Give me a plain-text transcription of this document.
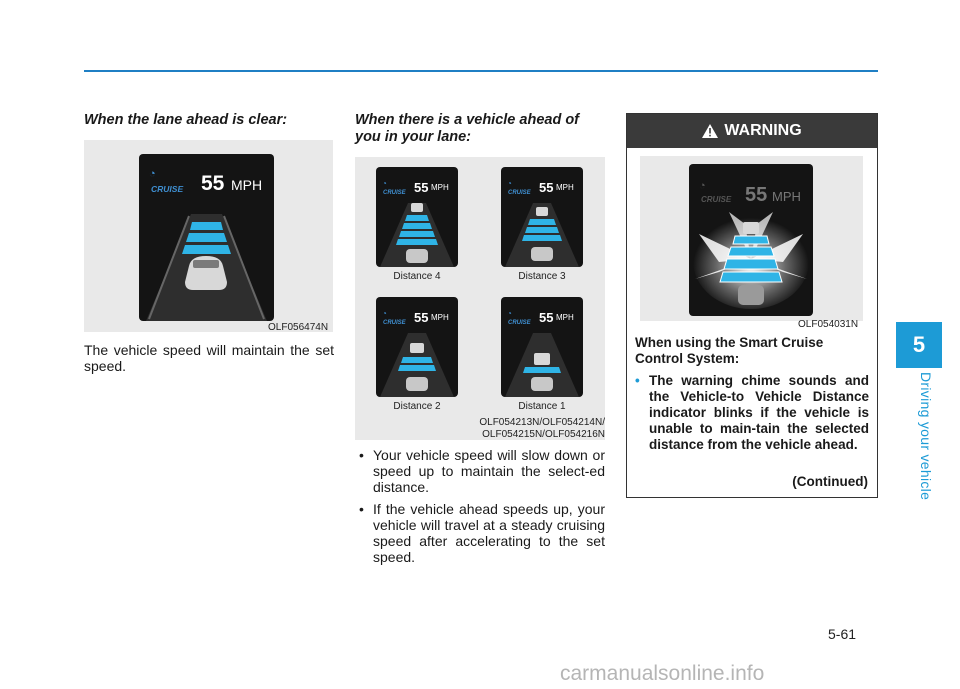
5
Driving your vehicle
When the lane ahead is clear:
◔
CRUISE 55 MPH
OLF056474N

The vehicle speed will maintain the set speed.

When there is a vehicle ahead of you in your lane:
◔
CRUISE 55 MPH	◔
CRUISE 55 MPH
Distance 4	Distance 3
◔
CRUISE 55 MPH	◔
CRUISE 55 MPH
Distance 2	Distance 1
OLF054213N/OLF054214N/
OLF054215N/OLF054216N
• Your vehicle speed will slow down or speed up to maintain the select-ed distance.
• If the vehicle ahead speeds up, your vehicle will travel at a steady cruising speed after accelerating to the set speed.
WARNING
◔
CRUISE 55 MPH
OLF054031N

When using the Smart Cruise Control System:

• The warning chime sounds and the Vehicle-to Vehicle Distance indicator blinks if the vehicle is unable to main-tain the selected distance from the vehicle ahead.
(Continued)
5-61
carmanualsonline.info
